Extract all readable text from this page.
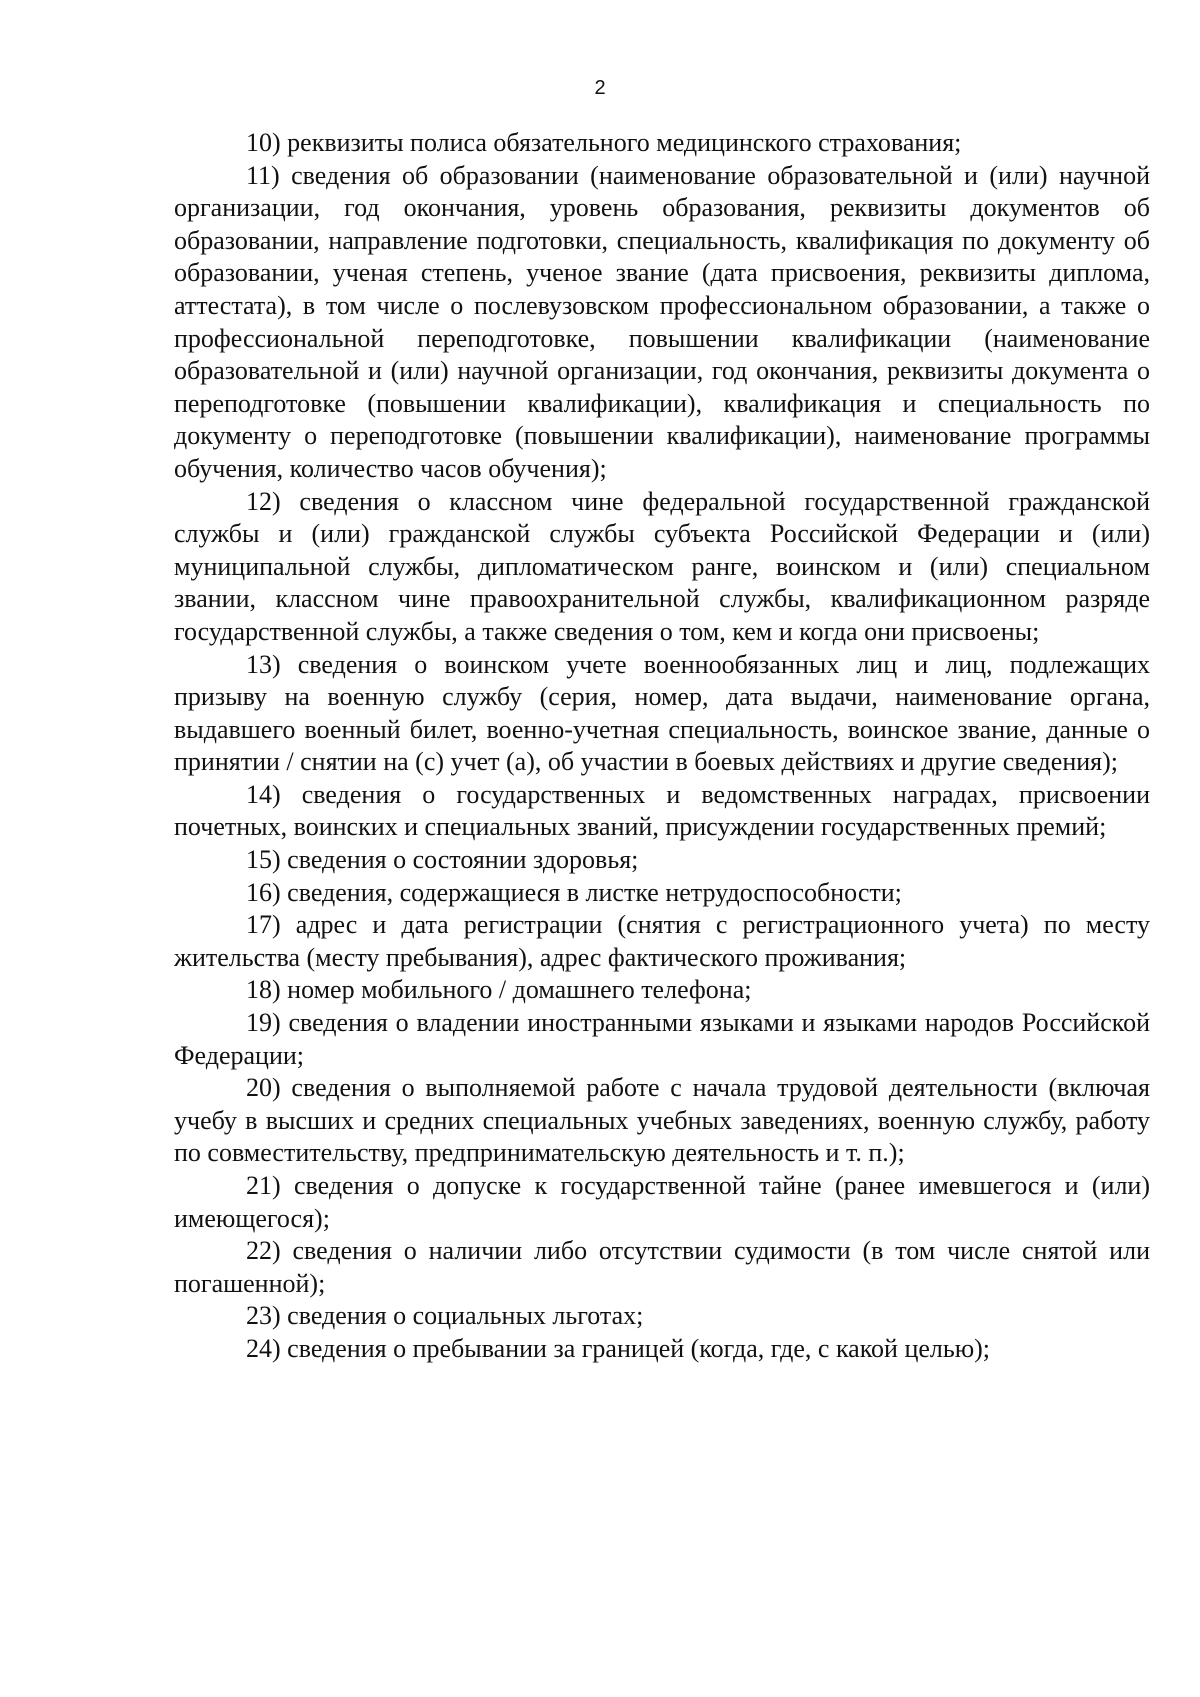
2

10) реквизиты полиса обязательного медицинского страхования;

11) сведения об образовании (наименование образовательной и (или) научной организации, год окончания, уровень образования, реквизиты документов об образовании, направление подготовки, специальность, квалификация по документу об образовании, ученая степень, ученое звание (дата присвоения, реквизиты диплома, аттестата), в том числе о послевузовском профессиональном образовании, а также о профессиональной переподготовке, повышении квалификации (наименование образовательной и (или) научной организации, год окончания, реквизиты документа о переподготовке (повышении квалификации), квалификация и специальность по документу о переподготовке (повышении квалификации), наименование программы обучения, количество часов обучения);

12) сведения о классном чине федеральной государственной гражданской службы и (или) гражданской службы субъекта Российской Федерации и (или) муниципальной службы, дипломатическом ранге, воинском и (или) специальном звании, классном чине правоохранительной службы, квалификационном разряде государственной службы, а также сведения о том, кем и когда они присвоены;

13) сведения о воинском учете военнообязанных лиц и лиц, подлежащих призыву на военную службу (серия, номер, дата выдачи, наименование органа, выдавшего военный билет, военно-учетная специальность, воинское звание, данные о принятии / снятии на (с) учет (а), об участии в боевых действиях и другие сведения);

14) сведения о государственных и ведомственных наградах, присвоении почетных, воинских и специальных званий, присуждении государственных премий;

15) сведения о состоянии здоровья;

16) сведения, содержащиеся в листке нетрудоспособности;

17) адрес и дата регистрации (снятия с регистрационного учета) по месту жительства (месту пребывания), адрес фактического проживания;

18) номер мобильного / домашнего телефона;

19) сведения о владении иностранными языками и языками народов Российской Федерации;

20) сведения о выполняемой работе с начала трудовой деятельности (включая учебу в высших и средних специальных учебных заведениях, военную службу, работу по совместительству, предпринимательскую деятельность и т. п.);

21) сведения о допуске к государственной тайне (ранее имевшегося и (или) имеющегося);

22) сведения о наличии либо отсутствии судимости (в том числе снятой или погашенной);

23) сведения о социальных льготах;

24) сведения о пребывании за границей (когда, где, с какой целью);
